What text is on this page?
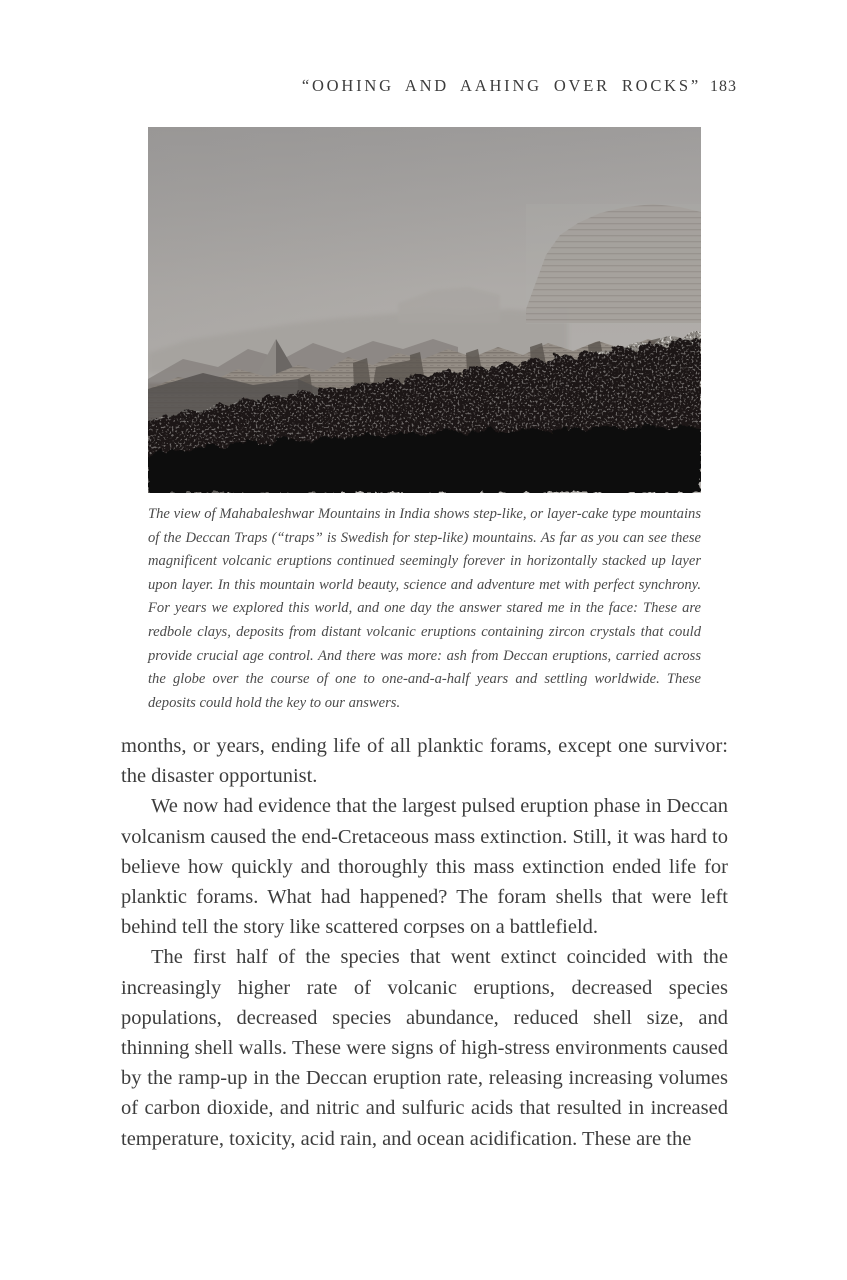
“OOHING AND AAHING OVER ROCKS” 183

The view of Mahabaleshwar Mountains in India shows step-like, or layer-cake type mountains of the Deccan Traps (“traps” is Swedish for step-like) mountains. As far as you can see these magnificent volcanic eruptions continued seemingly forever in horizontally stacked up layer upon layer. In this mountain world beauty, science and adventure met with perfect synchrony. For years we explored this world, and one day the answer stared me in the face: These are redbole clays, deposits from distant volcanic eruptions containing zircon crystals that could provide crucial age control. And there was more: ash from Deccan eruptions, carried across the globe over the course of one to one-and-a-half years and settling worldwide. These deposits could hold the key to our answers.

months, or years, ending life of all planktic forams, except one survivor: the disaster opportunist.

We now had evidence that the largest pulsed eruption phase in Deccan volcanism caused the end-Cretaceous mass extinction. Still, it was hard to believe how quickly and thoroughly this mass extinction ended life for planktic forams. What had happened? The foram shells that were left behind tell the story like scattered corpses on a battlefield.

The first half of the species that went extinct coincided with the increasingly higher rate of volcanic eruptions, decreased species populations, decreased species abundance, reduced shell size, and thinning shell walls. These were signs of high-stress environments caused by the ramp-up in the Deccan eruption rate, releasing increasing volumes of carbon dioxide, and nitric and sulfuric acids that resulted in increased temperature, toxicity, acid rain, and ocean acidification. These are the
